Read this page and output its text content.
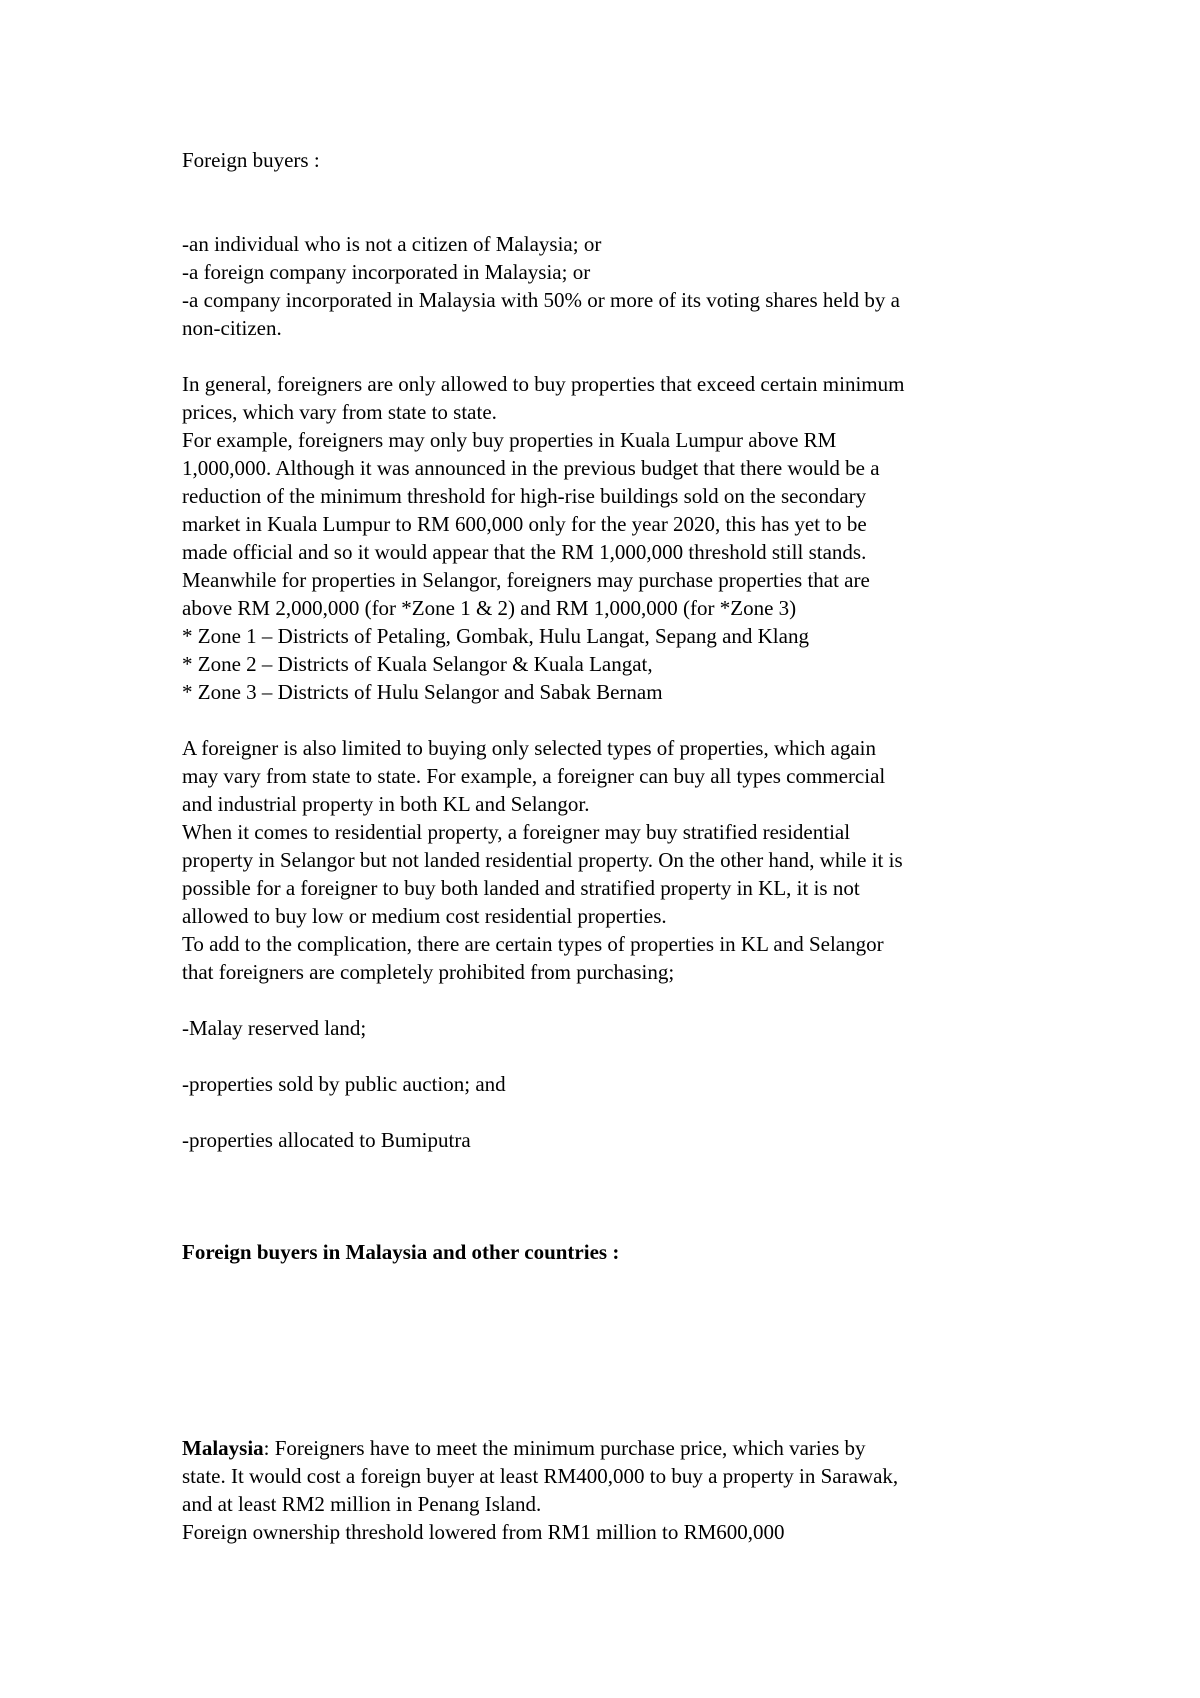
Foreign buyers :
-an individual who is not a citizen of Malaysia; or
-a foreign company incorporated in Malaysia; or
-a company incorporated in Malaysia with 50% or more of its voting shares held by a
non-citizen.
In general, foreigners are only allowed to buy properties that exceed certain minimum
prices, which vary from state to state.
For example, foreigners may only buy properties in Kuala Lumpur above RM
1,000,000. Although it was announced in the previous budget that there would be a
reduction of the minimum threshold for high-rise buildings sold on the secondary
market in Kuala Lumpur to RM 600,000 only for the year 2020, this has yet to be
made official and so it would appear that the RM 1,000,000 threshold still stands.
Meanwhile for properties in Selangor, foreigners may purchase properties that are
above RM 2,000,000 (for *Zone 1 & 2) and RM 1,000,000 (for *Zone 3)
* Zone 1 – Districts of Petaling, Gombak, Hulu Langat, Sepang and Klang
* Zone 2 – Districts of Kuala Selangor & Kuala Langat,
* Zone 3 – Districts of Hulu Selangor and Sabak Bernam
A foreigner is also limited to buying only selected types of properties, which again
may vary from state to state. For example, a foreigner can buy all types commercial
and industrial property in both KL and Selangor.
When it comes to residential property, a foreigner may buy stratified residential
property in Selangor but not landed residential property. On the other hand, while it is
possible for a foreigner to buy both landed and stratified property in KL, it is not
allowed to buy low or medium cost residential properties.
To add to the complication, there are certain types of properties in KL and Selangor
that foreigners are completely prohibited from purchasing;
-Malay reserved land;
-properties sold by public auction; and
-properties allocated to Bumiputra
Foreign buyers in Malaysia and other countries :
Malaysia: Foreigners have to meet the minimum purchase price, which varies by
state. It would cost a foreign buyer at least RM400,000 to buy a property in Sarawak,
and at least RM2 million in Penang Island.
Foreign ownership threshold lowered from RM1 million to RM600,000
